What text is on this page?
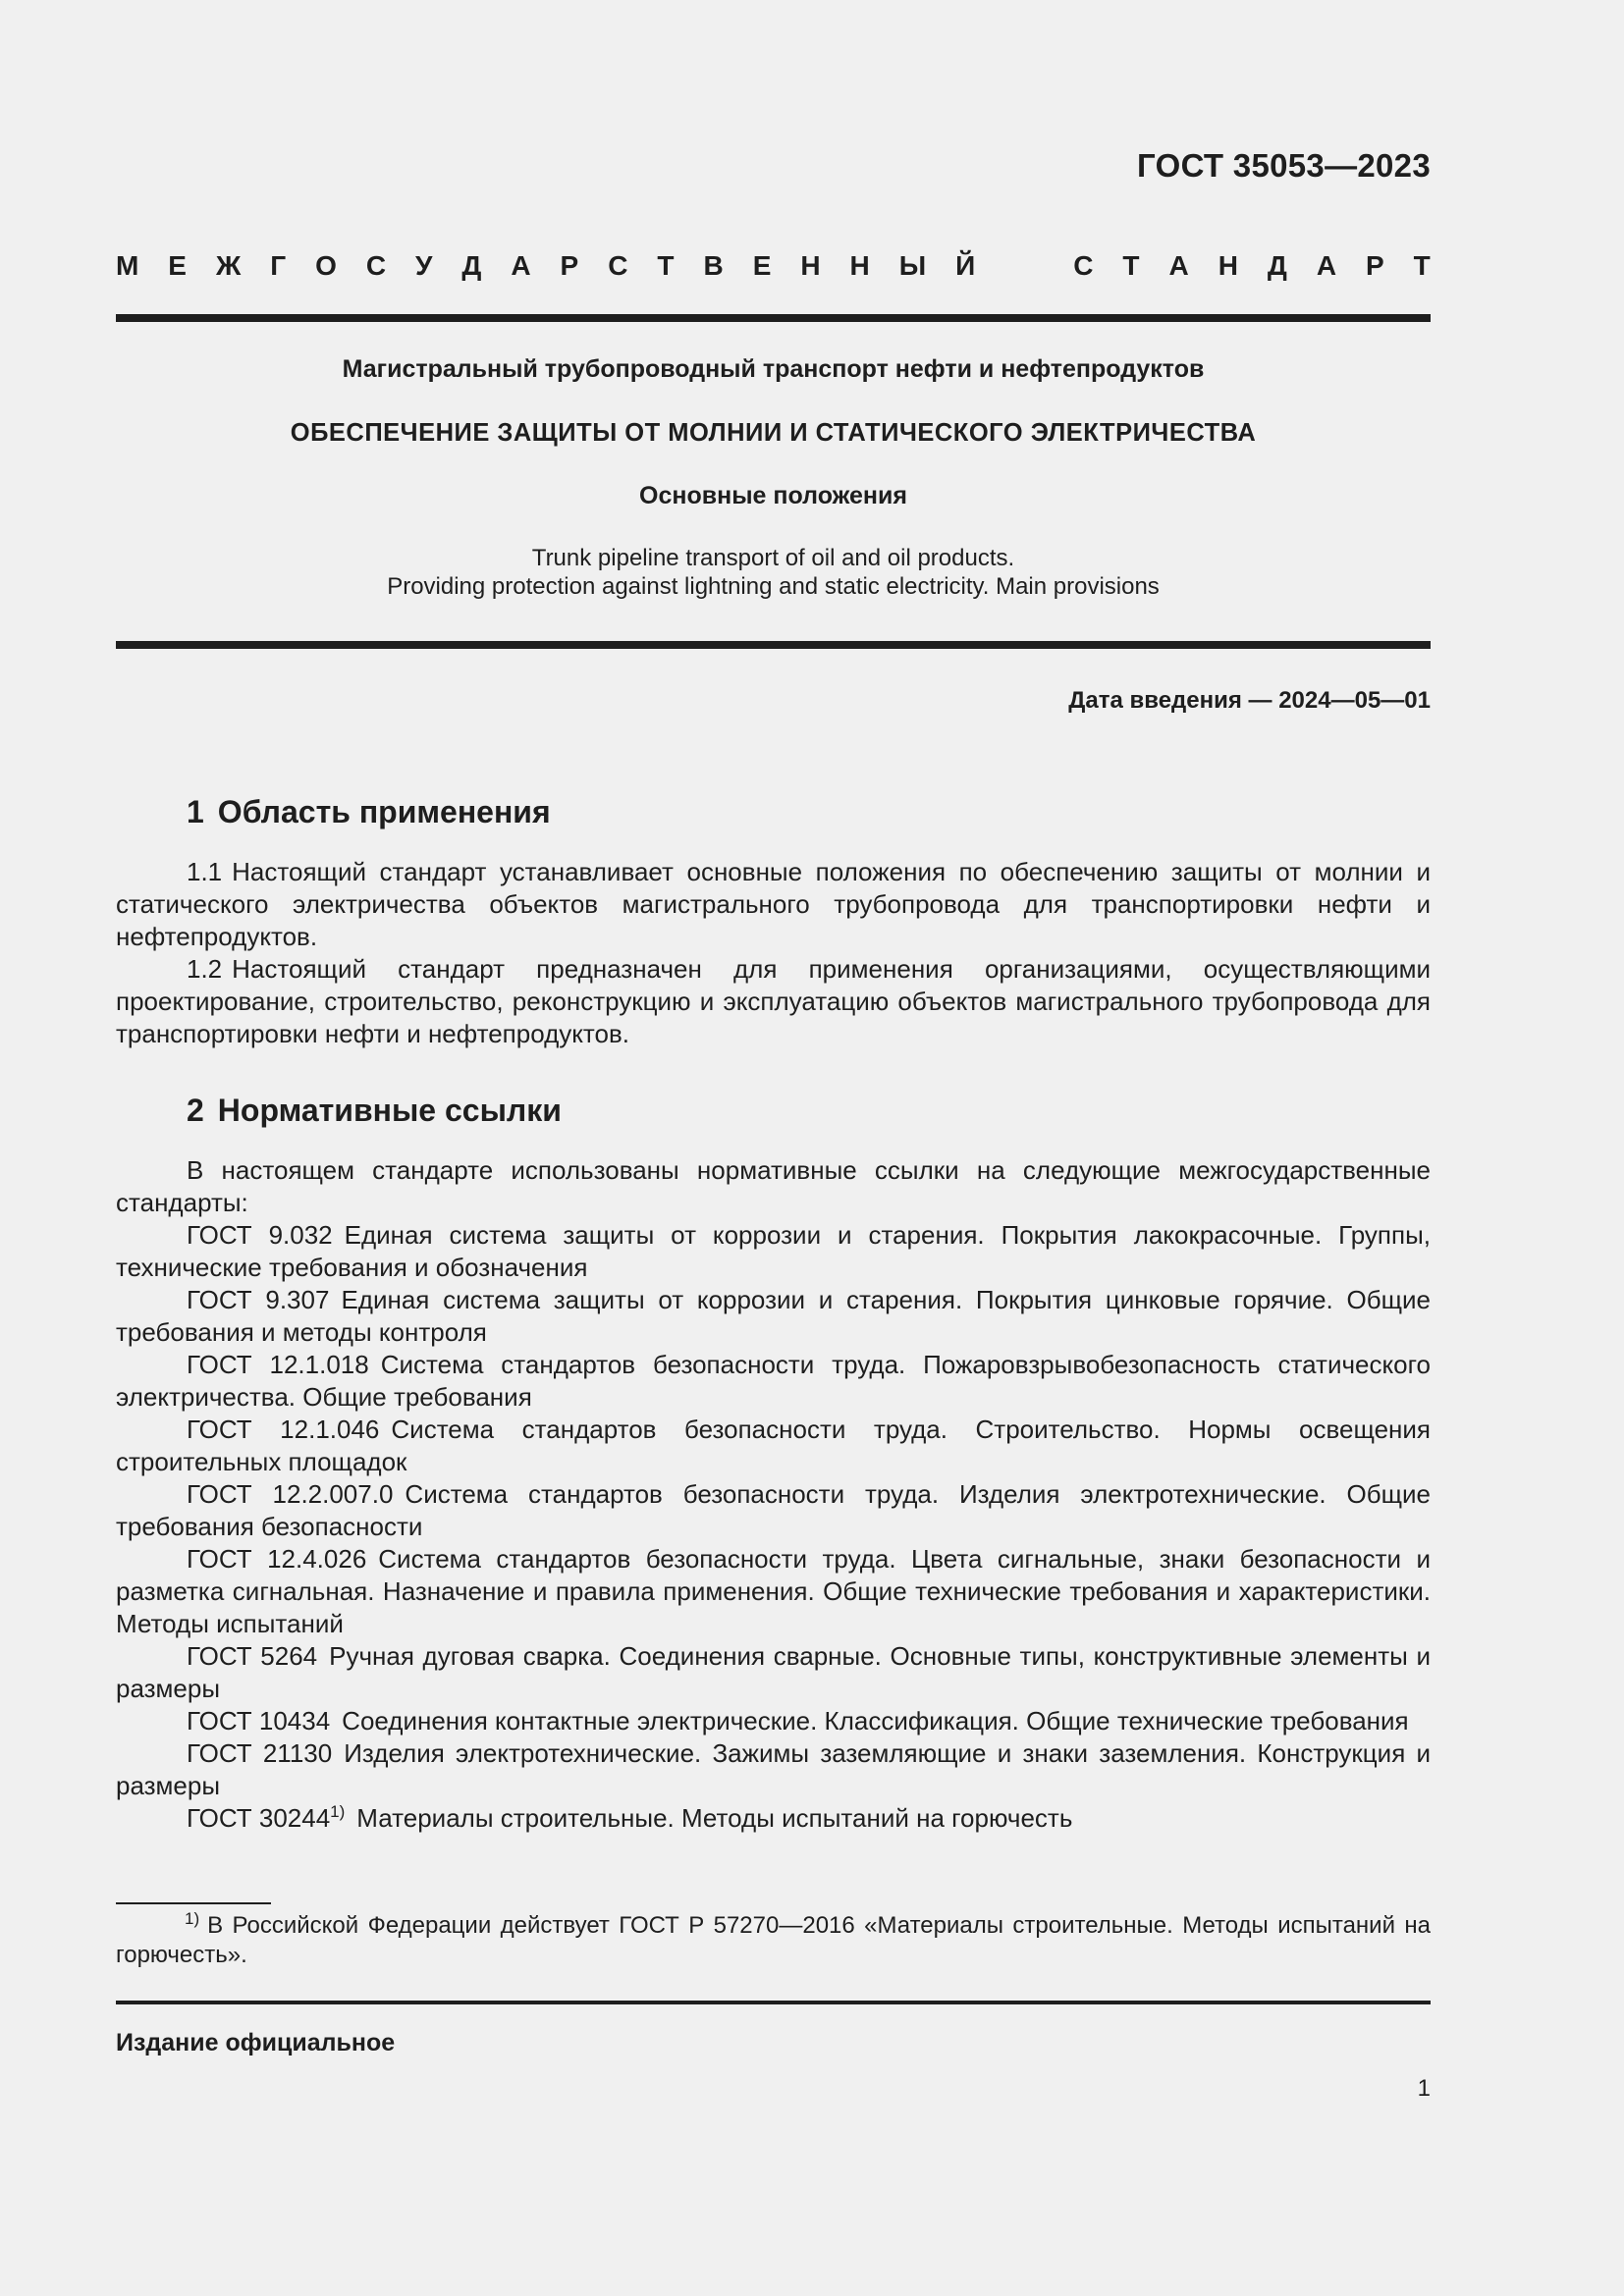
ГОСТ 35053—2023
М Е Ж Г О С У Д А Р С Т В Е Н Н Ы Й	С Т А Н Д А Р Т
Магистральный трубопроводный транспорт нефти и нефтепродуктов
ОБЕСПЕЧЕНИЕ ЗАЩИТЫ ОТ МОЛНИИ И СТАТИЧЕСКОГО ЭЛЕКТРИЧЕСТВА
Основные положения
Trunk pipeline transport of oil and oil products.
Providing protection against lightning and static electricity. Main provisions
Дата введения — 2024—05—01
1 Область применения

1.1 Настоящий стандарт устанавливает основные положения по обеспечению защиты от молнии и статического электричества объектов магистрального трубопровода для транспортировки нефти и нефтепродуктов.

1.2 Настоящий стандарт предназначен для применения организациями, осуществляющими проектирование, строительство, реконструкцию и эксплуатацию объектов магистрального трубопровода для транспортировки нефти и нефтепродуктов.

2 Нормативные ссылки

В настоящем стандарте использованы нормативные ссылки на следующие межгосударственные стандарты:

ГОСТ 9.032 Единая система защиты от коррозии и старения. Покрытия лакокрасочные. Группы, технические требования и обозначения

ГОСТ 9.307 Единая система защиты от коррозии и старения. Покрытия цинковые горячие. Общие требования и методы контроля

ГОСТ 12.1.018 Система стандартов безопасности труда. Пожаровзрывобезопасность статического электричества. Общие требования

ГОСТ 12.1.046 Система стандартов безопасности труда. Строительство. Нормы освещения строительных площадок

ГОСТ 12.2.007.0 Система стандартов безопасности труда. Изделия электротехнические. Общие требования безопасности

ГОСТ 12.4.026 Система стандартов безопасности труда. Цвета сигнальные, знаки безопасности и разметка сигнальная. Назначение и правила применения. Общие технические требования и характеристики. Методы испытаний

ГОСТ 5264 Ручная дуговая сварка. Соединения сварные. Основные типы, конструктивные элементы и размеры

ГОСТ 10434 Соединения контактные электрические. Классификация. Общие технические требования

ГОСТ 21130 Изделия электротехнические. Зажимы заземляющие и знаки заземления. Конструкция и размеры

ГОСТ 30244$^{1)}$ Материалы строительные. Методы испытаний на горючесть

$^{1)}$ В Российской Федерации действует ГОСТ Р 57270—2016 «Материалы строительные. Методы испытаний на горючесть».

Издание официальное
1
